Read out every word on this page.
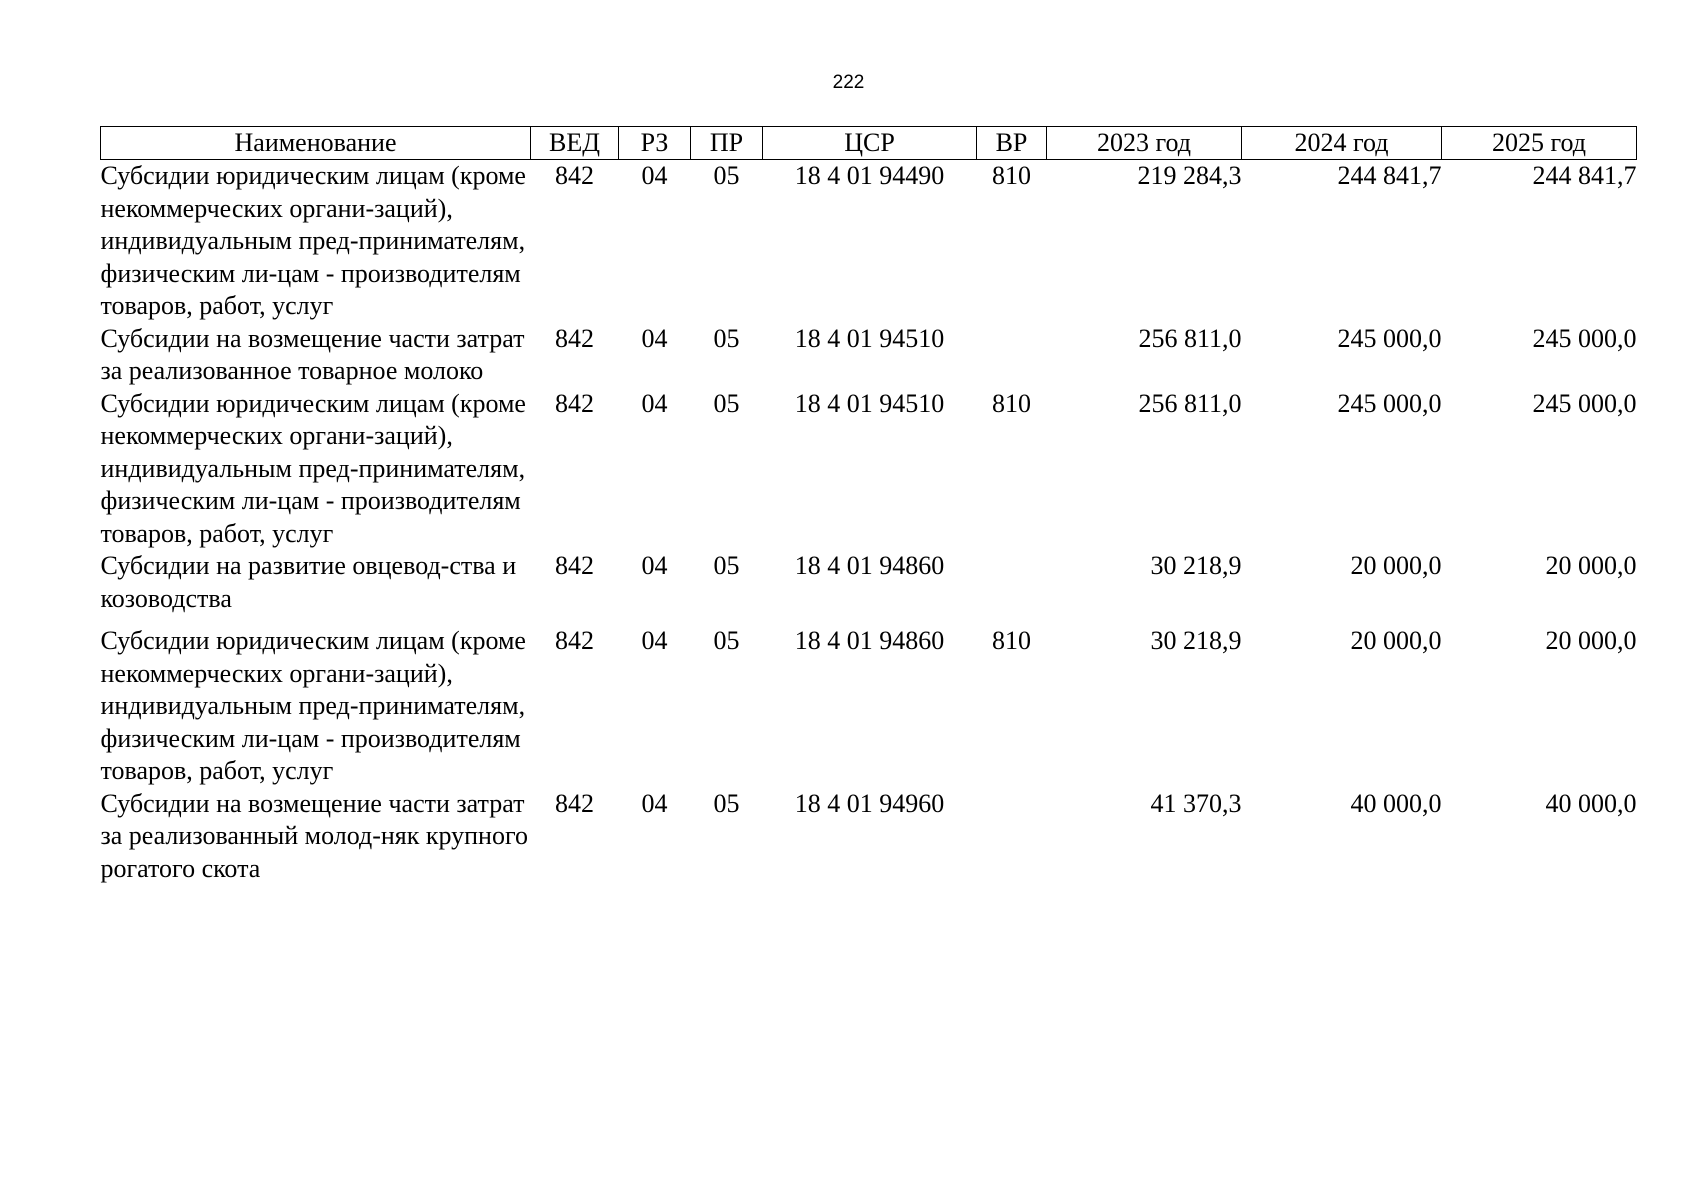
222
Наименование	ВЕД	РЗ	ПР	ЦСР	ВР	2023 год	2024 год	2025 год
Субсидии юридическим лицам (кроме некоммерческих органи-заций), индивидуальным пред-принимателям, физическим ли-цам - производителям товаров, работ, услуг	842	04	05	18 4 01 94490	810	219 284,3	244 841,7	244 841,7
Субсидии на возмещение части затрат за реализованное товарное молоко	842	04	05	18 4 01 94510		256 811,0	245 000,0	245 000,0
Субсидии юридическим лицам (кроме некоммерческих органи-заций), индивидуальным пред-принимателям, физическим ли-цам - производителям товаров, работ, услуг	842	04	05	18 4 01 94510	810	256 811,0	245 000,0	245 000,0
Субсидии на развитие овцевод-ства и козоводства	842	04	05	18 4 01 94860		30 218,9	20 000,0	20 000,0
Субсидии юридическим лицам (кроме некоммерческих органи-заций), индивидуальным пред-принимателям, физическим ли-цам - производителям товаров, работ, услуг	842	04	05	18 4 01 94860	810	30 218,9	20 000,0	20 000,0
Субсидии на возмещение части затрат за реализованный молод-няк крупного рогатого скота	842	04	05	18 4 01 94960		41 370,3	40 000,0	40 000,0
